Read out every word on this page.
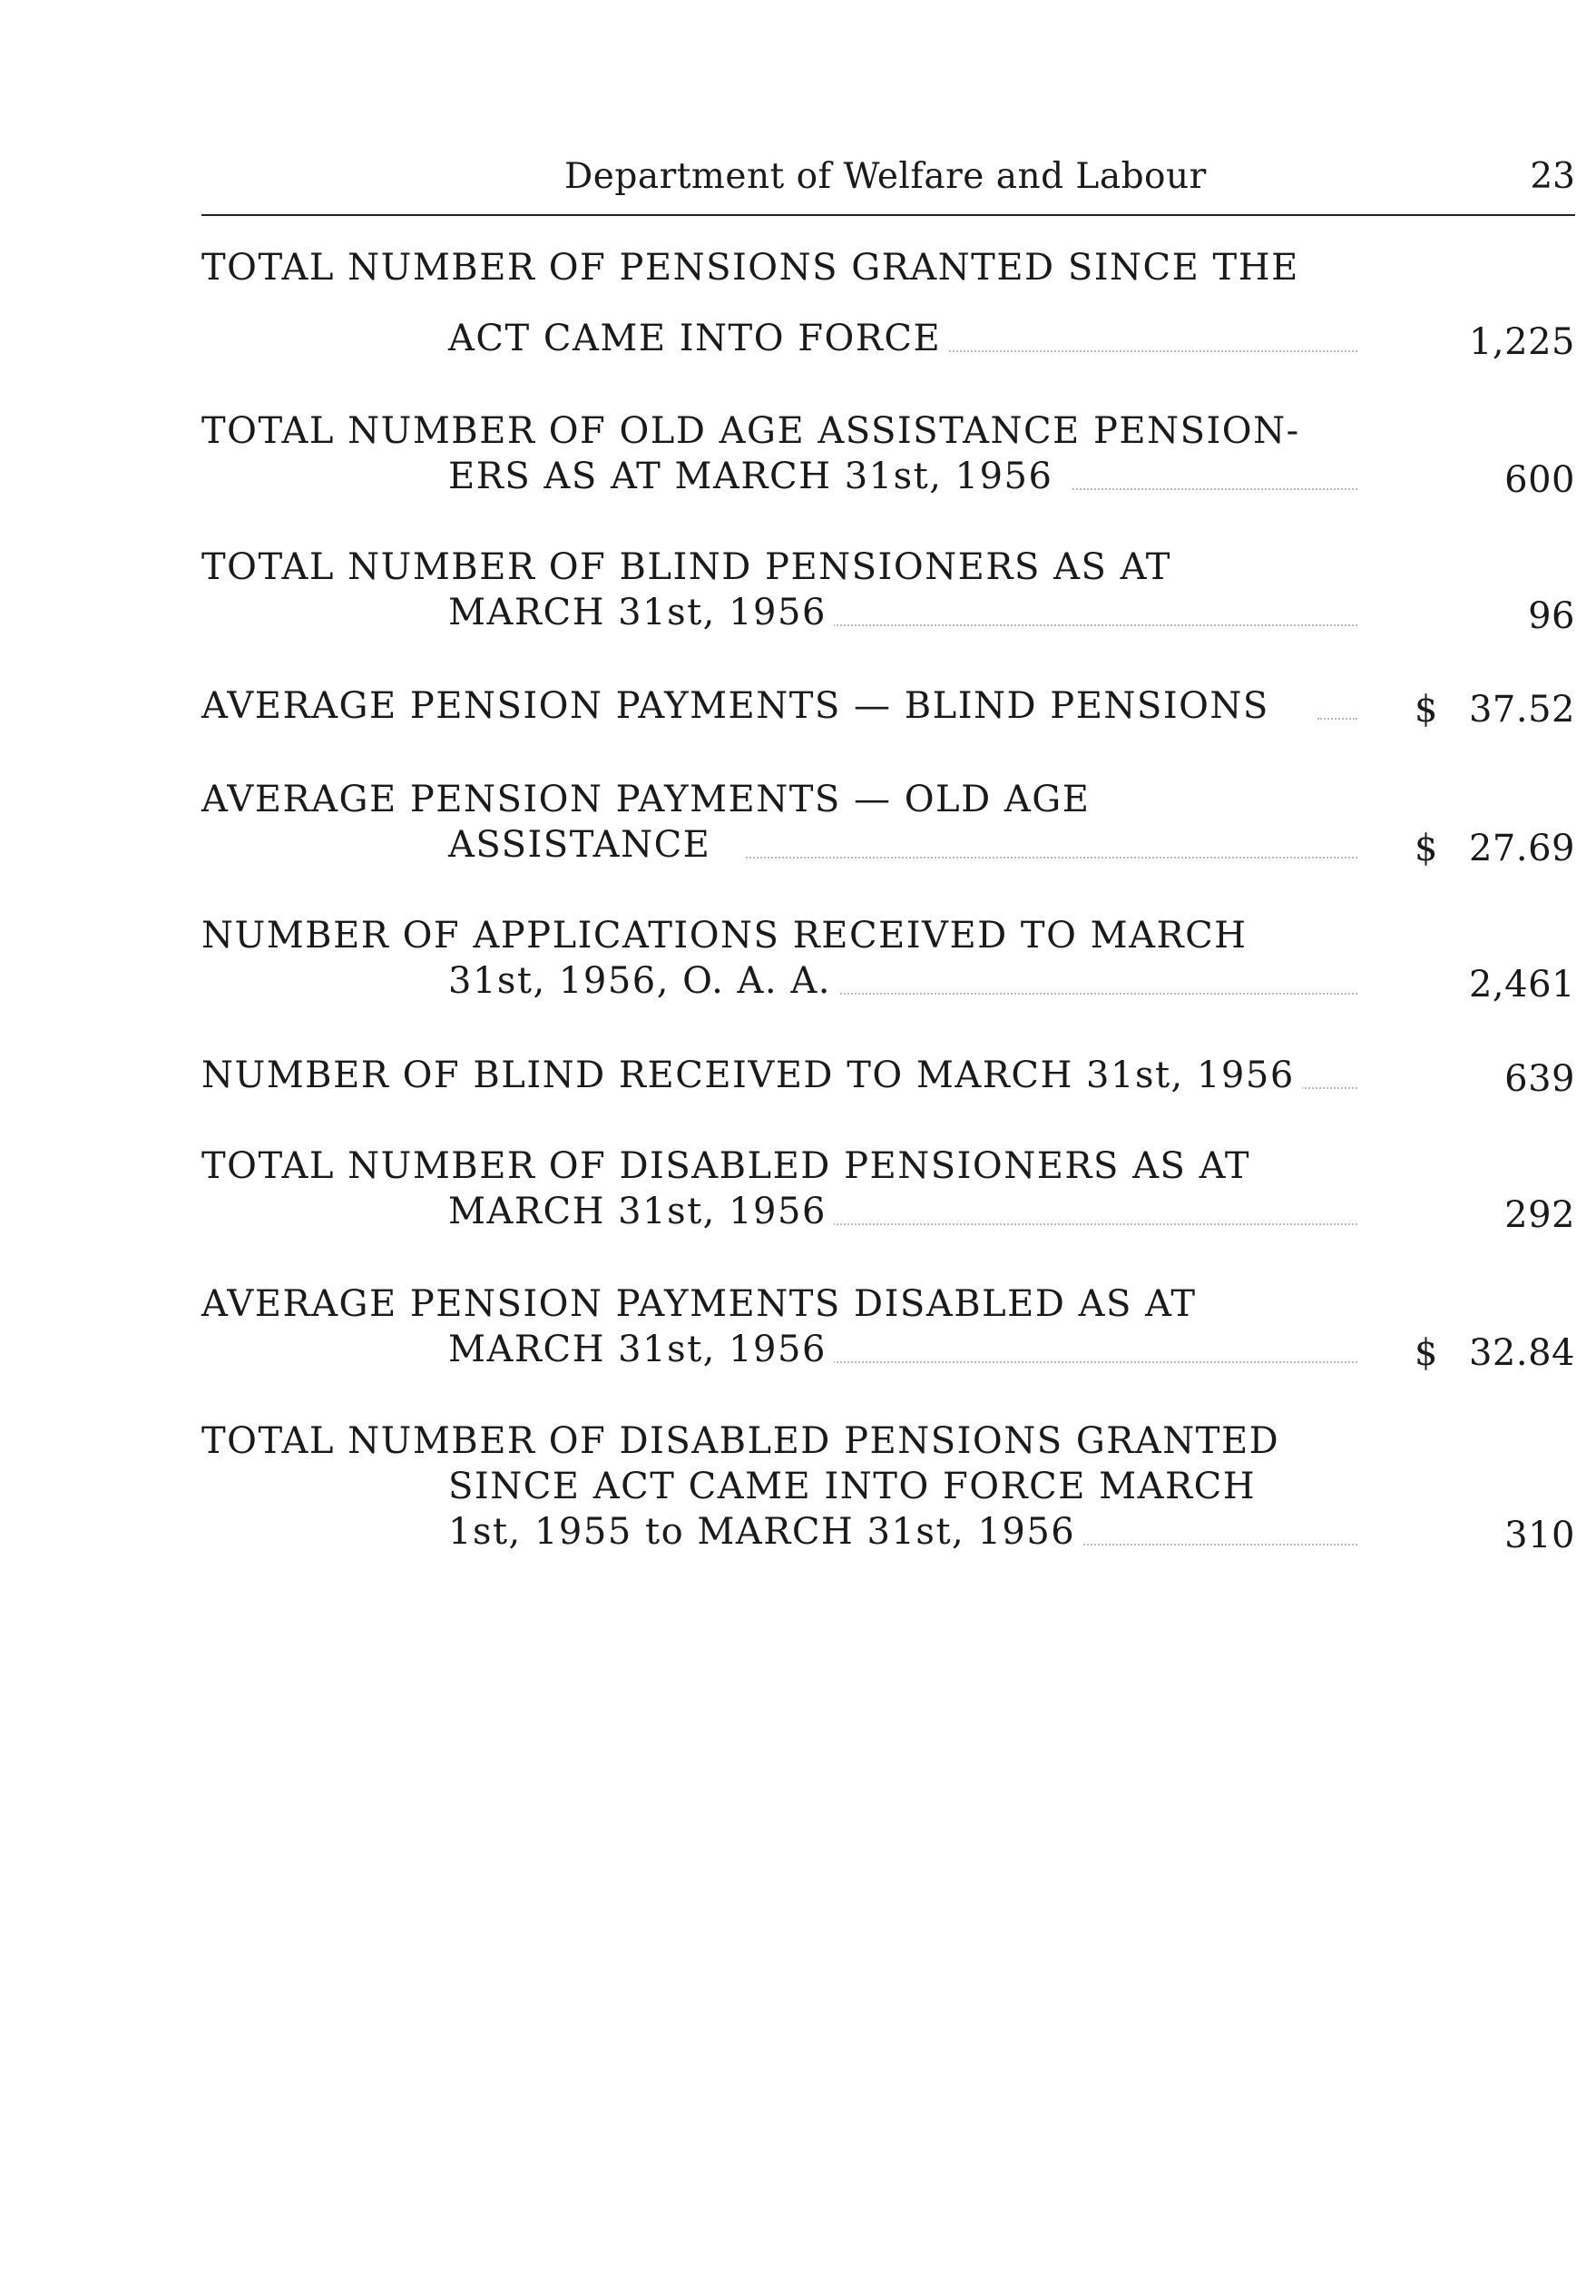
Department of Welfare and Labour	23
TOTAL NUMBER OF PENSIONS GRANTED SINCE THE
ACT CAME INTO FORCE	1,225
TOTAL NUMBER OF OLD AGE ASSISTANCE PENSION-
ERS AS AT MARCH 31st, 1956	600
TOTAL NUMBER OF BLIND PENSIONERS AS AT
MARCH 31st, 1956	96
AVERAGE PENSION PAYMENTS — BLIND PENSIONS	$ 37.52
AVERAGE PENSION PAYMENTS — OLD AGE
ASSISTANCE	$ 27.69
NUMBER OF APPLICATIONS RECEIVED TO MARCH
31st, 1956, O. A. A.	2,461
NUMBER OF BLIND RECEIVED TO MARCH 31st, 1956	639
TOTAL NUMBER OF DISABLED PENSIONERS AS AT
MARCH 31st, 1956	292
AVERAGE PENSION PAYMENTS DISABLED AS AT
MARCH 31st, 1956	$ 32.84
TOTAL NUMBER OF DISABLED PENSIONS GRANTED
SINCE ACT CAME INTO FORCE MARCH
1st, 1955 to MARCH 31st, 1956	310
